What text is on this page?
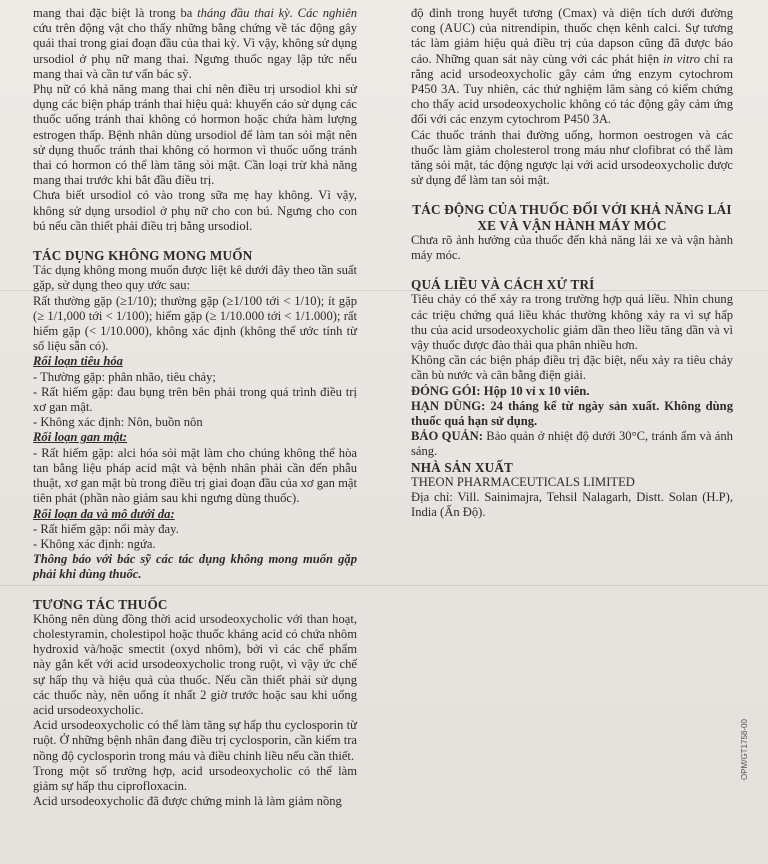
mang thai đặc biệt là trong ba tháng đầu thai kỳ. Các nghiên cứu trên động vật cho thấy những bằng chứng về tác động gây quái thai trong giai đoạn đầu của thai kỳ. Vì vậy, không sử dụng ursodiol ở phụ nữ mang thai. Ngưng thuốc ngay lập tức nếu mang thai và cần tư vấn bác sỹ.

Phụ nữ có khả năng mang thai chỉ nên điều trị ursodiol khi sử dụng các biện pháp tránh thai hiệu quả: khuyến cáo sử dụng các thuốc uống tránh thai không có hormon hoặc chứa hàm lượng estrogen thấp. Bệnh nhân dùng ursodiol để làm tan sỏi mật nên sử dụng thuốc tránh thai không có hormon vì thuốc uống tránh thai có hormon có thể làm tăng sỏi mật. Cần loại trừ khả năng mang thai trước khi bắt đầu điều trị.

Chưa biết ursodiol có vào trong sữa mẹ hay không. Vì vậy, không sử dụng ursodiol ở phụ nữ cho con bú. Ngưng cho con bú nếu cần thiết phải điều trị bằng ursodiol.

TÁC DỤNG KHÔNG MONG MUỐN

Tác dụng không mong muốn được liệt kê dưới đây theo tần suất gặp, sử dụng theo quy ước sau:

Rất thường gặp (≥1/10); thường gặp (≥1/100 tới < 1/10); ít gặp (≥ 1/1,000 tới < 1/100); hiếm gặp (≥ 1/10.000 tới < 1/1.000); rất hiếm gặp (< 1/10.000), không xác định (không thể ước tính từ số liệu sẵn có).

Rối loạn tiêu hóa

- Thường gặp: phân nhão, tiêu chảy;

- Rất hiếm gặp: đau bụng trên bên phải trong quá trình điều trị xơ gan mật.

- Không xác định: Nôn, buồn nôn

Rối loạn gan mật:

- Rất hiếm gặp: alci hóa sỏi mật làm cho chúng không thể hòa tan bằng liệu pháp acid mật và bệnh nhân phải cần đến phẫu thuật, xơ gan mật bù trong điều trị giai đoạn đầu của xơ gan mật tiên phát (phần nào giảm sau khi ngưng dùng thuốc).

Rối loạn da và mô dưới da:

- Rất hiếm gặp: nổi mày đay.

- Không xác định: ngứa.

Thông báo với bác sỹ các tác dụng không mong muốn gặp phải khi dùng thuốc.

TƯƠNG TÁC THUỐC

Không nên dùng đồng thời acid ursodeoxycholic với than hoạt, cholestyramin, cholestipol hoặc thuốc kháng acid có chứa nhôm hydroxid và/hoặc smectit (oxyd nhôm), bởi vì các chế phẩm này gắn kết với acid ursodeoxycholic trong ruột, vì vậy ức chế sự hấp thụ và hiệu quả của thuốc. Nếu cần thiết phải sử dụng các thuốc này, nên uống ít nhất 2 giờ trước hoặc sau khi uống acid ursodeoxycholic.

Acid ursodeoxycholic có thể làm tăng sự hấp thu cyclosporin từ ruột. Ở những bệnh nhân đang điều trị cyclosporin, cần kiểm tra nồng độ cyclosporin trong máu và điều chỉnh liều nếu cần thiết.

Trong một số trường hợp, acid ursodeoxycholic có thể làm giảm sự hấp thu ciprofloxacin.

Acid ursodeoxycholic đã được chứng minh là làm giảm nồng

độ đỉnh trong huyết tương (Cmax) và diện tích dưới đường cong (AUC) của nitrendipin, thuốc chẹn kênh calci. Sự tương tác làm giảm hiệu quả điều trị của dapson cũng đã được báo cáo. Những quan sát này cùng với các phát hiện in vitro chỉ ra rằng acid ursodeoxycholic gây cảm ứng enzym cytochrom P450 3A. Tuy nhiên, các thử nghiệm lâm sàng có kiểm chứng cho thấy acid ursodeoxycholic không có tác động gây cảm ứng đối với các enzym cytochrom P450 3A.

Các thuốc tránh thai đường uống, hormon oestrogen và các thuốc làm giảm cholesterol trong máu như clofibrat có thể làm tăng sỏi mật, tác động ngược lại với acid ursodeoxycholic được sử dụng để làm tan sỏi mật.

TÁC ĐỘNG CỦA THUỐC ĐỐI VỚI KHẢ NĂNG LÁI XE VÀ VẬN HÀNH MÁY MÓC

Chưa rõ ảnh hưởng của thuốc đến khả năng lái xe và vận hành máy móc.

QUÁ LIỀU VÀ CÁCH XỬ TRÍ

Tiêu chảy có thể xảy ra trong trường hợp quá liều. Nhìn chung các triệu chứng quá liều khác thường không xảy ra vì sự hấp thu của acid ursodeoxycholic giảm dần theo liều tăng dần và vì vậy thuốc được đào thải qua phân nhiều hơn.

Không cần các biện pháp điều trị đặc biệt, nếu xảy ra tiêu chảy cần bù nước và cân bằng điện giải.

ĐÓNG GÓI: Hộp 10 vỉ x 10 viên.

HẠN DÙNG: 24 tháng kể từ ngày sản xuất. Không dùng thuốc quá hạn sử dụng.

BẢO QUẢN: Bảo quản ở nhiệt độ dưới 30°C, tránh ẩm và ánh sáng.

NHÀ SẢN XUẤT

THEON PHARMACEUTICALS LIMITED

Địa chỉ: Vill. Sainimajra, Tehsil Nalagarh, Distt. Solan (H.P), India (Ấn Độ).

OPM/GT1758-00
